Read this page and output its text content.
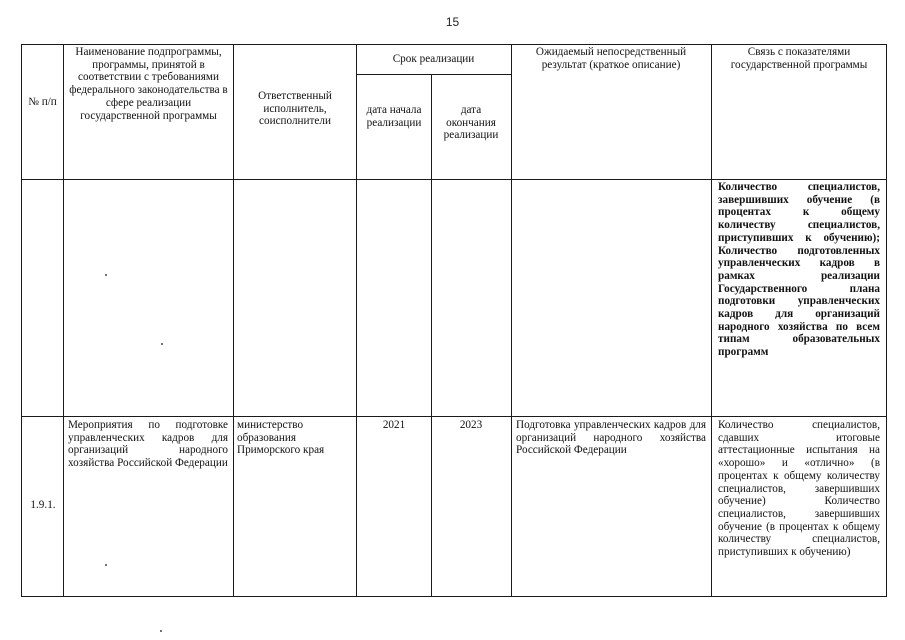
15
№ п/п
Наименование подпрограммы, программы, принятой в соответствии с требованиями федерального законодательства в сфере реализации государственной программы
Ответственный исполнитель, соисполнители
Срок реализации
дата начала реализации
дата окончания реализации
Ожидаемый непосредственный результат (краткое описание)
Связь с показателями государственной программы
Количество специалистов, завершивших обучение (в процентах к общему количеству специалистов, приступивших к обучению); Количество подготовленных управленческих кадров в рамках реализации Государственного плана подготовки управленческих кадров для организаций народного хозяйства по всем типам образовательных программ
1.9.1.
Мероприятия по подготовке управленческих кадров для организаций народного хозяйства Российской Федерации
министерство образования Приморского края
2021	2023	Подготовка управленческих кадров для организаций народного хозяйства Российской Федерации
Количество специалистов, сдавших итоговые аттестационные испытания на «хорошо» и «отлично» (в процентах к общему количеству специалистов, завершивших обучение) Количество специалистов, завершивших обучение (в процентах к общему количеству специалистов, приступивших к обучению)
